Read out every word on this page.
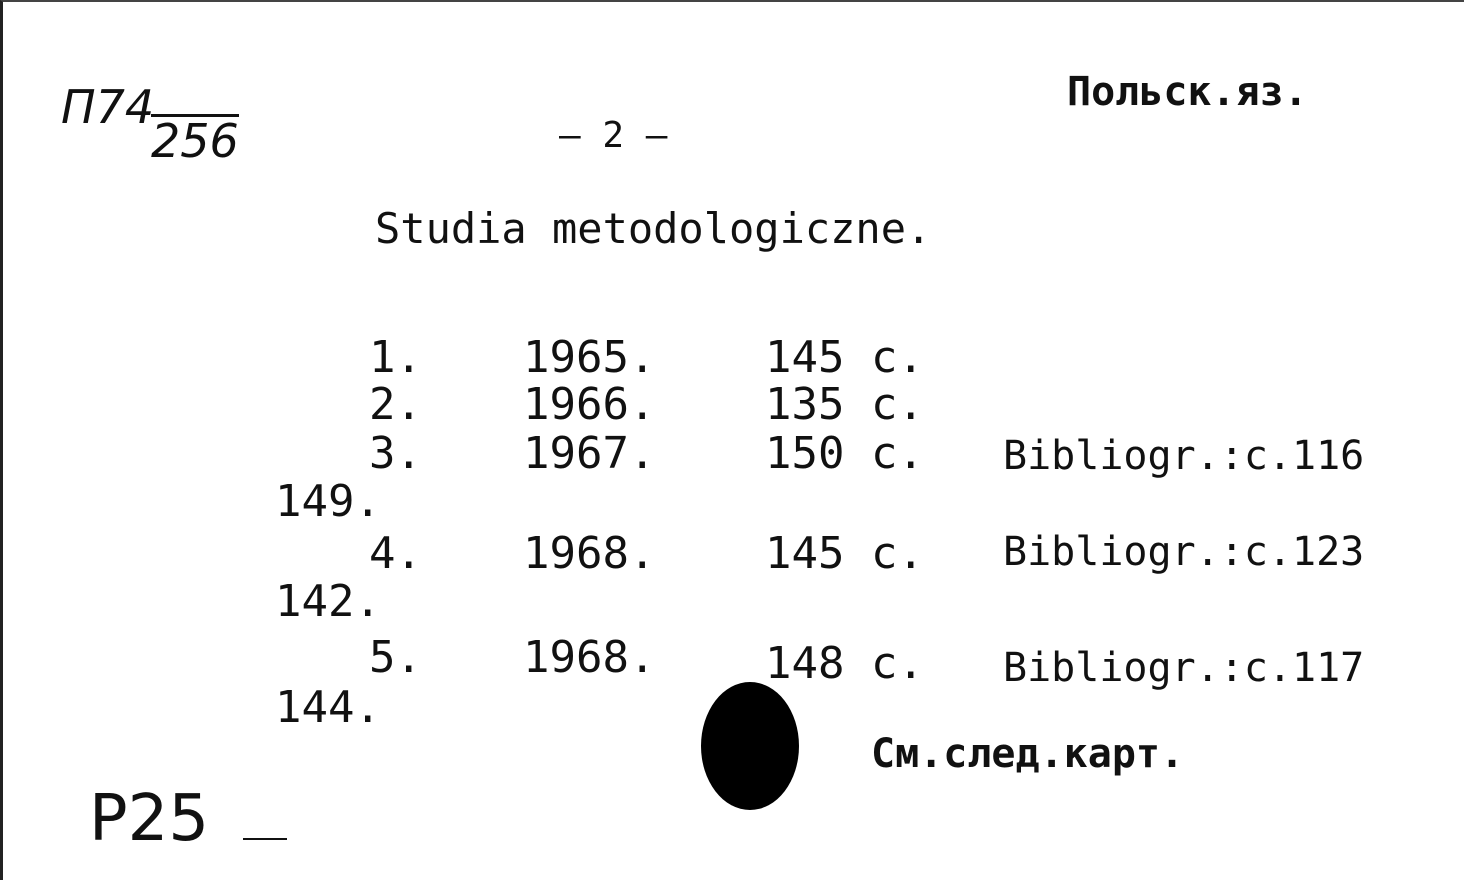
П74
256
Польск.яз.
— 2 —
Studia metodologiczne.
1. 1965. 145 c.
2. 1966. 135 c.
3. 1967. 150 c. Bibliogr.:c.116
149.
4. 1968. 145 c. Bibliogr.:c.123
142.
5. 1968. 148 c. Bibliogr.:c.117
144.
См.след.карт.
P25
